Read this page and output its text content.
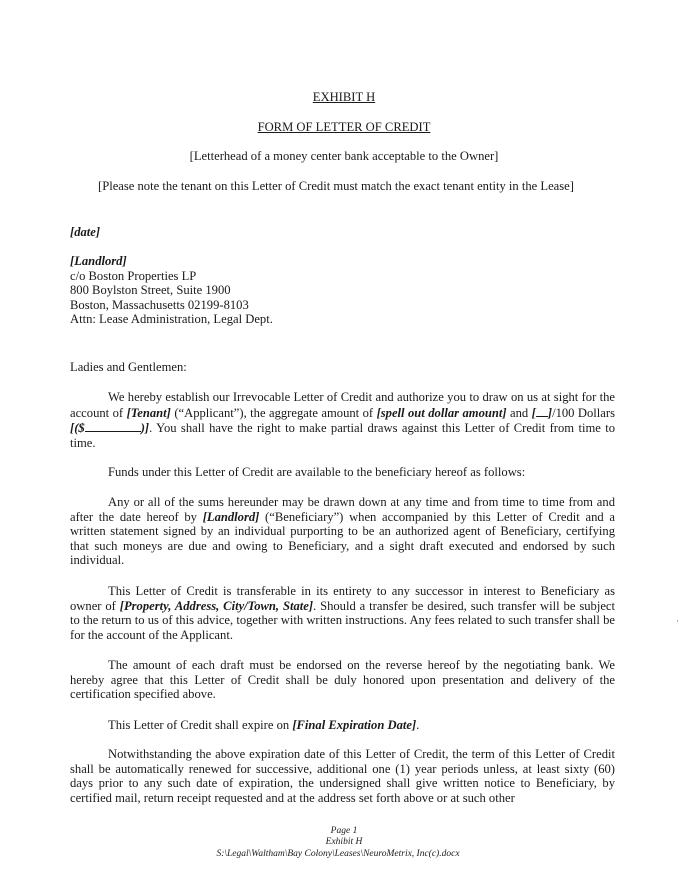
EXHIBIT H
FORM OF LETTER OF CREDIT
[Letterhead of a money center bank acceptable to the Owner]
[Please note the tenant on this Letter of Credit must match the exact tenant entity in the Lease]
[date]
[Landlord]
c/o Boston Properties LP
800 Boylston Street, Suite 1900
Boston, Massachusetts 02199-8103
Attn: Lease Administration, Legal Dept.
Ladies and Gentlemen:
We hereby establish our Irrevocable Letter of Credit and authorize you to draw on us at sight for the account of [Tenant] (“Applicant”), the aggregate amount of [spell out dollar amount] and [ ]/100 Dollars [($	)]. You shall have the right to make partial draws against this Letter of Credit from time to time.
Funds under this Letter of Credit are available to the beneficiary hereof as follows:
Any or all of the sums hereunder may be drawn down at any time and from time to time from and after the date hereof by [Landlord] (“Beneficiary”) when accompanied by this Letter of Credit and a written statement signed by an individual purporting to be an authorized agent of Beneficiary, certifying that such moneys are due and owing to Beneficiary, and a sight draft executed and endorsed by such individual.
This Letter of Credit is transferable in its entirety to any successor in interest to Beneficiary as owner of [Property, Address, City/Town, State]. Should a transfer be desired, such transfer will be subject to the return to us of this advice, together with written instructions. Any fees related to such transfer shall be for the account of the Applicant.
The amount of each draft must be endorsed on the reverse hereof by the negotiating bank. We hereby agree that this Letter of Credit shall be duly honored upon presentation and delivery of the certification specified above.
This Letter of Credit shall expire on [Final Expiration Date].
Notwithstanding the above expiration date of this Letter of Credit, the term of this Letter of Credit shall be automatically renewed for successive, additional one (1) year periods unless, at least sixty (60) days prior to any such date of expiration, the undersigned shall give written notice to Beneficiary, by certified mail, return receipt requested and at the address set forth above or at such other
Page 1
Exhibit H
S:\Legal\Waltham\Bay Colony\Leases\NeuroMetrix, Inc(c).docx
·
